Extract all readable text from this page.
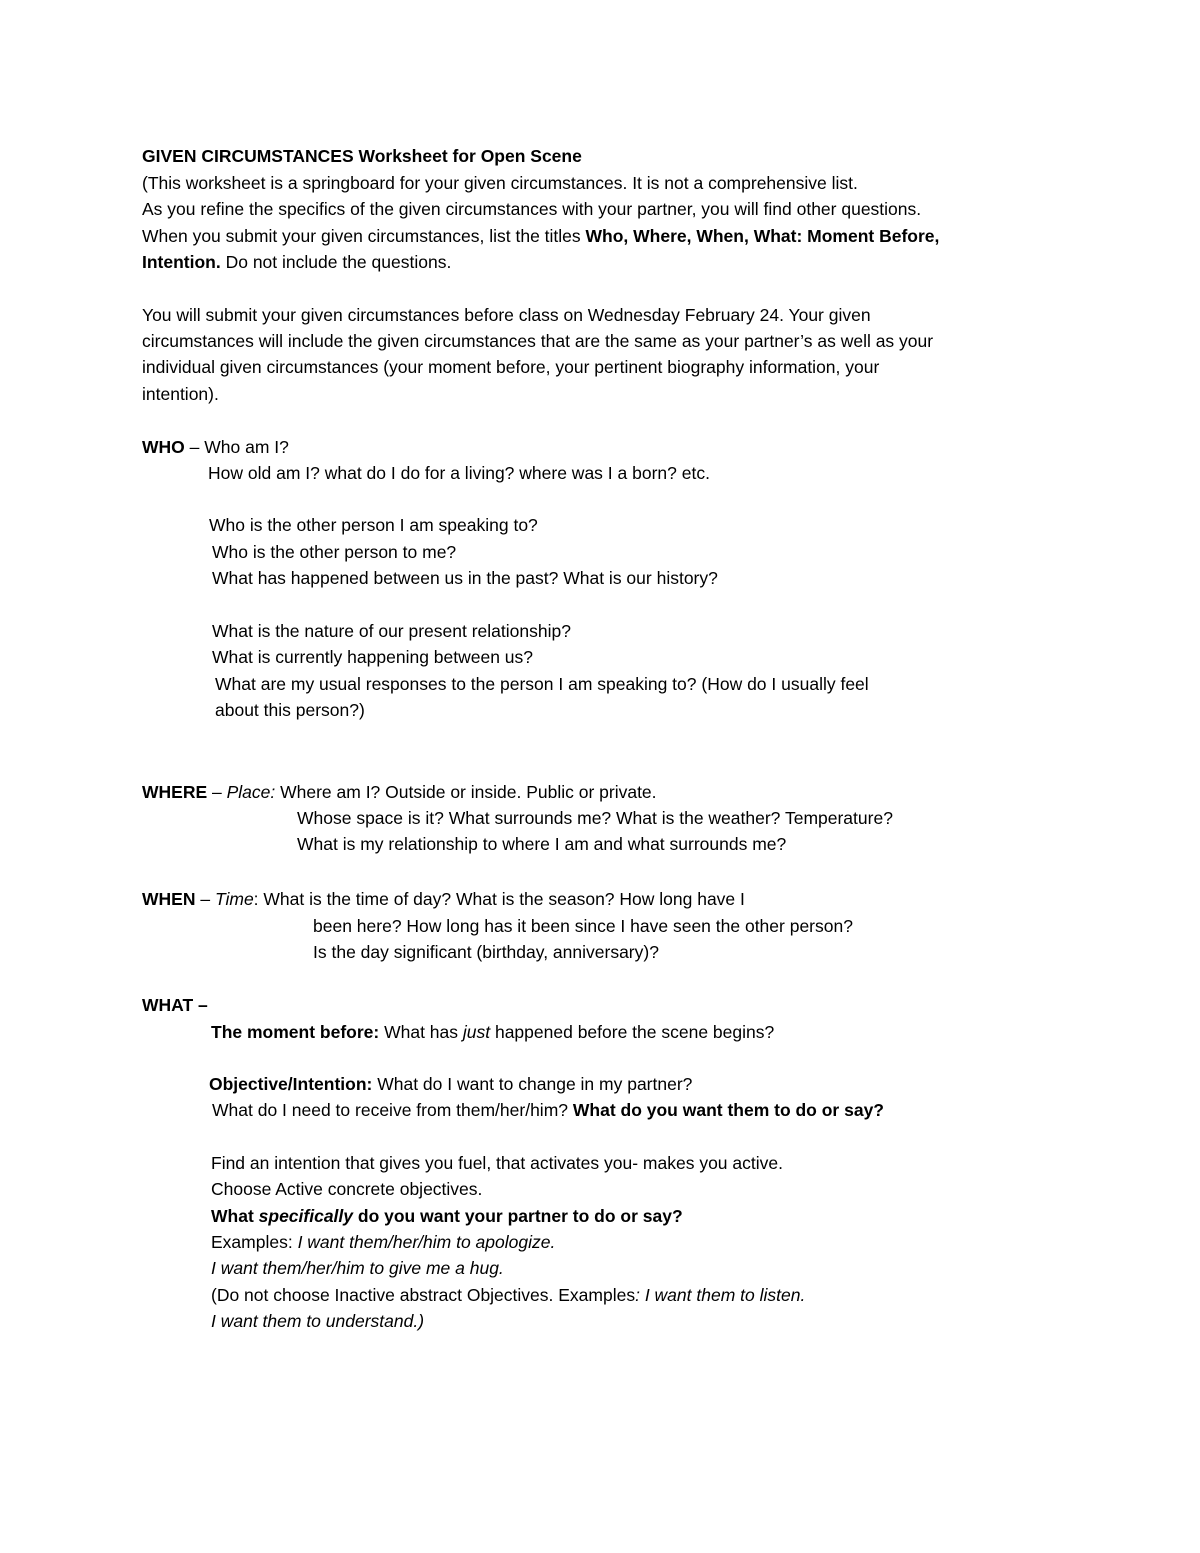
GIVEN CIRCUMSTANCES Worksheet for Open Scene
(This worksheet is a springboard for your given circumstances. It is not a comprehensive list.
As you refine the specifics of the given circumstances with your partner, you will find other questions.
When you submit your given circumstances, list the titles Who, Where, When, What: Moment Before,
Intention. Do not include the questions.
You will submit your given circumstances before class on Wednesday February 24. Your given
circumstances will include the given circumstances that are the same as your partner’s as well as your
individual given circumstances (your moment before, your pertinent biography information, your
intention).
WHO – Who am I?
How old am I? what do I do for a living? where was I a born? etc.
Who is the other person I am speaking to?
Who is the other person to me?
What has happened between us in the past? What is our history?
What is the nature of our present relationship?
What is currently happening between us?
What are my usual responses to the person I am speaking to? (How do I usually feel
about this person?)
WHERE – Place: Where am I? Outside or inside. Public or private.
Whose space is it? What surrounds me? What is the weather? Temperature?
What is my relationship to where I am and what surrounds me?
WHEN – Time: What is the time of day? What is the season? How long have I
been here? How long has it been since I have seen the other person?
Is the day significant (birthday, anniversary)?
WHAT –
The moment before: What has just happened before the scene begins?
Objective/Intention: What do I want to change in my partner?
What do I need to receive from them/her/him? What do you want them to do or say?
Find an intention that gives you fuel, that activates you- makes you active.
Choose Active concrete objectives.
What specifically do you want your partner to do or say?
Examples: I want them/her/him to apologize.
I want them/her/him to give me a hug.
(Do not choose Inactive abstract Objectives. Examples: I want them to listen.
I want them to understand.)
